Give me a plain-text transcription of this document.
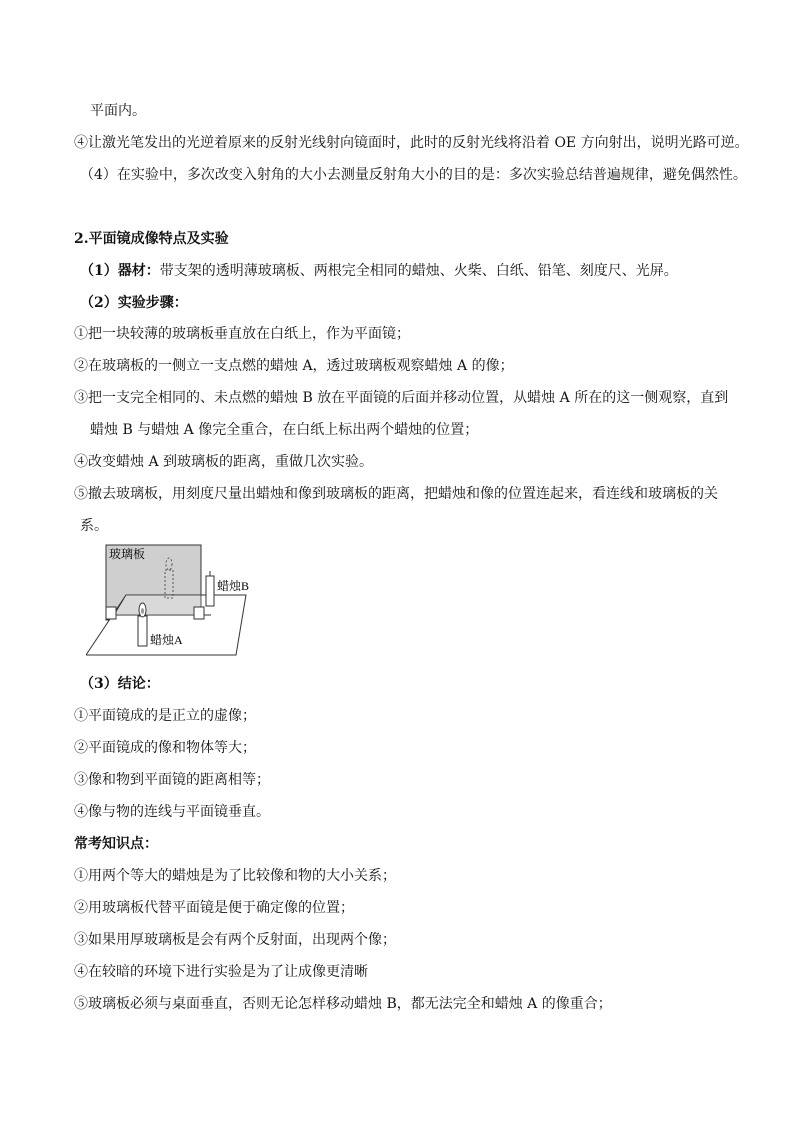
平面内。
④让激光笔发出的光逆着原来的反射光线射向镜面时，此时的反射光线将沿着 OE 方向射出，说明光路可逆。
（4）在实验中，多次改变入射角的大小去测量反射角大小的目的是：多次实验总结普遍规律，避免偶然性。
2.平面镜成像特点及实验
（1）器材：带支架的透明薄玻璃板、两根完全相同的蜡烛、火柴、白纸、铅笔、刻度尺、光屏。
（2）实验步骤：
①把一块较薄的玻璃板垂直放在白纸上，作为平面镜；
②在玻璃板的一侧立一支点燃的蜡烛 A，透过玻璃板观察蜡烛 A 的像；
③把一支完全相同的、未点燃的蜡烛 B 放在平面镜的后面并移动位置，从蜡烛 A 所在的这一侧观察，直到
蜡烛 B 与蜡烛 A 像完全重合，在白纸上标出两个蜡烛的位置；
④改变蜡烛 A 到玻璃板的距离，重做几次实验。
⑤撤去玻璃板，用刻度尺量出蜡烛和像到玻璃板的距离，把蜡烛和像的位置连起来，看连线和玻璃板的关
系。
玻璃板
蜡烛B
蜡烛A
（3）结论：
①平面镜成的是正立的虚像；
②平面镜成的像和物体等大；
③像和物到平面镜的距离相等；
④像与物的连线与平面镜垂直。
常考知识点：
①用两个等大的蜡烛是为了比较像和物的大小关系；
②用玻璃板代替平面镜是便于确定像的位置；
③如果用厚玻璃板是会有两个反射面，出现两个像；
④在较暗的环境下进行实验是为了让成像更清晰
⑤玻璃板必须与桌面垂直，否则无论怎样移动蜡烛 B，都无法完全和蜡烛 A 的像重合；
